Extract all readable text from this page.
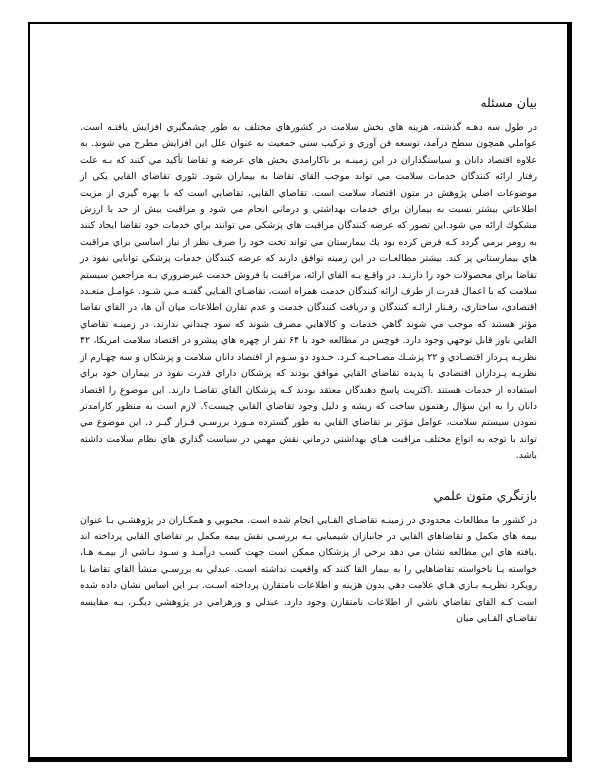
بيان مسئله

در طول سه دهـه گذشته، هزينه هاي بخش سلامت در كشورهاي مختلف به طور چشمگيري افزايش يافتـه است. عواملي همچون سطح درآمد، توسعه فن آوري و تركيب سني جمعيت به عنوان علل اين افزايش مطرح مي شوند. به علاوه اقتصاد دانان و سياستگذاران در اين زمينـه بر ناكارامدي بخش هاي عرضه و تقاضا تأكيد مي كنند كه بـه علت رفتار ارائه كنندگان خدمات سلامت مي تواند موجب القاي تقاضا به بيماران شود. تئوري تقاضاي القايي يكي از موضوعات اصلي پژوهش در متون اقتصاد سلامت است. تقاضاي القايي، تقاضايي است كه با بهره گيري از مزيت اطلاعاتي بيشتر نسبت به بيماران براي خدمات بهداشتي و درماني انجام مي شود و مراقبت بيش از حد با ارزش مشكوك ارائه مي شود.اين تصور كه عرضه كنندگان مراقبت هاي پزشكي مي توانند براي خدمات خود تقاضا ايجاد كنند به رومر برمي گردد كـه فرض كرده بود يك بيمارستان مي تواند تخت خود را صرف نظر از نياز اساسي براي مراقبت هاي بيمارستاني پر كند. بيشتر مطالعـات در اين زمينه توافق دارند كه عرضه كنندگان خدمات پزشكي توانايي نفوذ در تقاضا براي محصولات خود را دارنـد. در واقـع بـه القاي ارائه، مراقبت يا فروش خدمت غيرضروري بـه مراجعين سيستم سلامت كه با اعمال قدرت از طرف ارائه كنندگان خدمت همراه است، تقاضـاي القـايي گفتـه مـي شـود. عوامـل متعـدد اقتصادي، ساختاري، رفـتار ارائـه كنندگان و دريافت كنندگان خدمت و عدم تقارن اطلاعات ميان آن ها، در القاي تقاضا مؤثر هستند كه موجب مي شوند گاهي خدمات و كالاهايي مصرف شوند كه سود چنداني ندارند. در زمينـه تقاضاي القايي باور قابل توجهي وجود دارد. فوچس در مطالعه خود با ۶۴ نفر از چهره هاي پيشرو در اقتصاد سلامت امريكا، ۴۲ نظريـه پـرداز اقتصـادي و ۲۲ پزشـك مصـاحبـه كـرد. حـدود دو سـوم از اقتصاد دانان سلامت و پزشكان و سه چهـارم از نظريـه پـردازان اقتصادي با پديده تقاضاي القايي موافق بودند كه پزشكان داراي قدرت نفوذ در بيماران خود براي استفاده از خدمات هستند .اكثريت پاسخ دهندگان معتقد بودند كـه پزشكان القاي تقاضـا دارند. اين موضوع را اقتصاد دانان را به اين سؤال رهنمون ساخت كه ريشه و دليل وجود تقاضاي القايي چيست؟. لازم است به منظور كارامدتر نمودن سيستم سلامت، عوامل مؤثر بر تقاضاي القايي به طور گسترده مـورد بررسـي قـرار گيـر د. اين موضوع مي تواند با توجه به انواع مختلف مراقبت هـاي بهداشتي درماني نقش مهمي در سياست گذاري هاي نظام سلامت داشته باشد.

بازنگري متون علمي

در كشور ما مطالعات محدودي در زمينـه تقاضـاي القـايي انجام شده است. محبوبي و همكـاران در پژوهشـي بـا عنوان بيمه هاي مكمل و تقاضاهاي القايي در جانبازان شيميايي بـه بررسـي نقش بيمه مكمل بر تقاضاي القايي پرداخته اند .يافته هاي اين مطالعه نشان مي دهد برخي از پزشكان ممكن است جهت كسب درآمـد و سـود نـاشي از بيمـه هـا، خواسته يـا ناخواسته تقاضاهايي را به بيمار القا كنند كه واقعيت نداشته است. عبدلي به بررسـي منشأ القاي تقاضا با رويكرد نظريـه بـازي هـاي علامت دهي بدون هزينه و اطلاعات نامتقارن پرداخته اسـت. بـر اين اساس نشان داده شده است كـه القاي تقاضاي ناشي از اطلاعات نامتقارن وجود دارد. عبدلي و ورهرامي در پژوهشي ديگـر، بـه مقايسه تقاضـاي القـايي ميان
